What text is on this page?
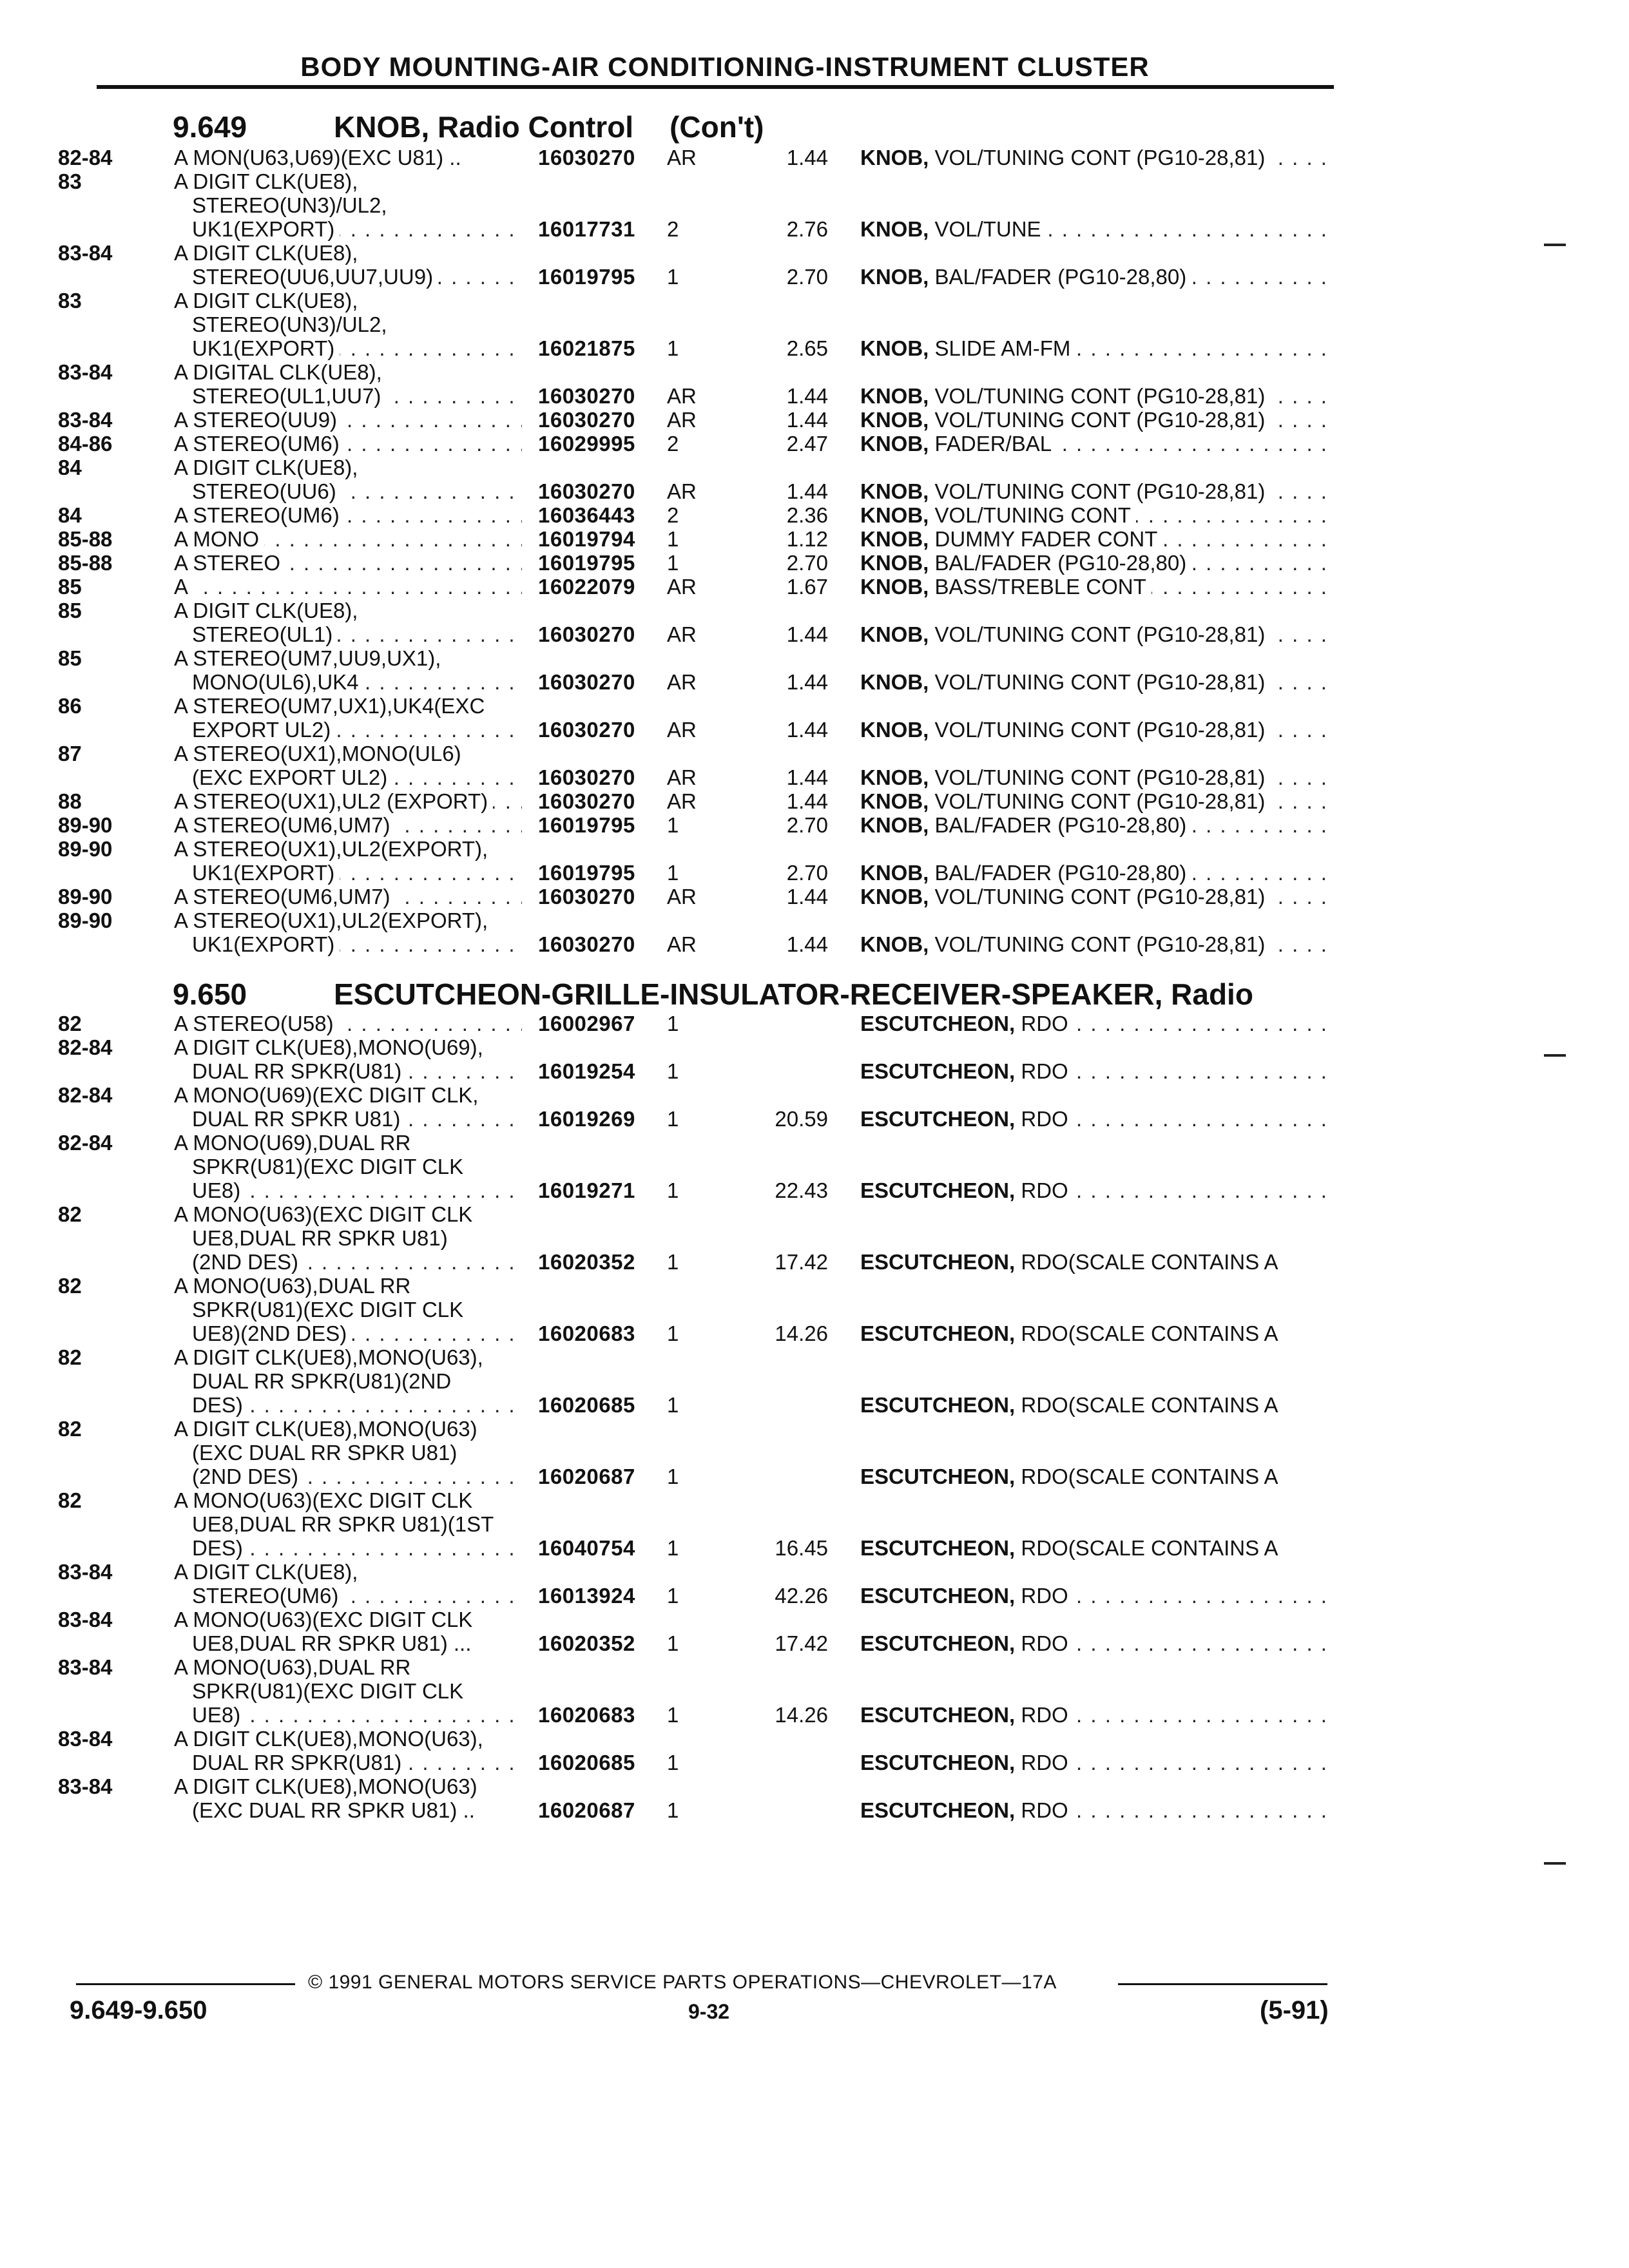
BODY MOUNTING-AIR CONDITIONING-INSTRUMENT CLUSTER
9.649	KNOB, Radio Control (Con't)
82-84	A MON(U63,U69)(EXC U81) ..	16030270 AR	1.44 KNOB, VOL/TUNING CONT (PG10-28,81) . . .
83	A DIGIT CLK(UE8),
STEREO(UN3)/UL2,
UK1(EXPORT) . . .	16017731 2	2.76 KNOB, VOL/TUNE . . .
83-84	A DIGIT CLK(UE8),
STEREO(UU6,UU7,UU9) . . .	16019795 1	2.70 KNOB, BAL/FADER (PG10-28,80) . . .
83	A DIGIT CLK(UE8),
STEREO(UN3)/UL2,
UK1(EXPORT) . . .	16021875 1	2.65 KNOB, SLIDE AM-FM . . .
83-84	A DIGITAL CLK(UE8),
STEREO(UL1,UU7) . . .	16030270 AR	1.44 KNOB, VOL/TUNING CONT (PG10-28,81) . . .
83-84	A STEREO(UU9) . . .	16030270 AR	1.44 KNOB, VOL/TUNING CONT (PG10-28,81) . . .
84-86	A STEREO(UM6) . . .	16029995 2	2.47 KNOB, FADER/BAL . . .
84	A DIGIT CLK(UE8),
STEREO(UU6) . . .	16030270 AR	1.44 KNOB, VOL/TUNING CONT (PG10-28,81) . . .
84	A STEREO(UM6) . . .	16036443 2	2.36 KNOB, VOL/TUNING CONT . . .
85-88	A MONO . . .	16019794 1	1.12 KNOB, DUMMY FADER CONT . . .
85-88	A STEREO . . .	16019795 1	2.70 KNOB, BAL/FADER (PG10-28,80) . . .
85	A . . .	16022079 AR	1.67 KNOB, BASS/TREBLE CONT . . .
85	A DIGIT CLK(UE8),
STEREO(UL1) . . .	16030270 AR	1.44 KNOB, VOL/TUNING CONT (PG10-28,81) . . .
85	A STEREO(UM7,UU9,UX1),
MONO(UL6),UK4 . . .	16030270 AR	1.44 KNOB, VOL/TUNING CONT (PG10-28,81) . . .
86	A STEREO(UM7,UX1),UK4(EXC
EXPORT UL2) . . .	16030270 AR	1.44 KNOB, VOL/TUNING CONT (PG10-28,81) . . .
87	A STEREO(UX1),MONO(UL6)
(EXC EXPORT UL2) . . .	16030270 AR	1.44 KNOB, VOL/TUNING CONT (PG10-28,81) . . .
88	A STEREO(UX1),UL2 (EXPORT) . . .	16030270 AR	1.44 KNOB, VOL/TUNING CONT (PG10-28,81) . . .
89-90	A STEREO(UM6,UM7) . . .	16019795 1	2.70 KNOB, BAL/FADER (PG10-28,80) . . .
89-90	A STEREO(UX1),UL2(EXPORT),
UK1(EXPORT) . . .	16019795 1	2.70 KNOB, BAL/FADER (PG10-28,80) . . .
89-90	A STEREO(UM6,UM7) . . .	16030270 AR	1.44 KNOB, VOL/TUNING CONT (PG10-28,81) . . .
89-90	A STEREO(UX1),UL2(EXPORT),
UK1(EXPORT) . . .	16030270 AR	1.44 KNOB, VOL/TUNING CONT (PG10-28,81) . . .
9.650	ESCUTCHEON-GRILLE-INSULATOR-RECEIVER-SPEAKER, Radio
82	A STEREO(U58) . . .	16002967 1	ESCUTCHEON, RDO . . .
82-84	A DIGIT CLK(UE8),MONO(U69),
DUAL RR SPKR(U81) . . .	16019254 1	ESCUTCHEON, RDO . . .
82-84	A MONO(U69)(EXC DIGIT CLK,
DUAL RR SPKR U81) . . .	16019269 1	20.59 ESCUTCHEON, RDO . . .
82-84	A MONO(U69),DUAL RR
SPKR(U81)(EXC DIGIT CLK
UE8) . . .	16019271 1	22.43 ESCUTCHEON, RDO . . .
82	A MONO(U63)(EXC DIGIT CLK
UE8,DUAL RR SPKR U81)
(2ND DES) . . .	16020352 1	17.42 ESCUTCHEON, RDO(SCALE CONTAINS A
82	A MONO(U63),DUAL RR
SPKR(U81)(EXC DIGIT CLK
UE8)(2ND DES) . . .	16020683 1	14.26 ESCUTCHEON, RDO(SCALE CONTAINS A
82	A DIGIT CLK(UE8),MONO(U63),
DUAL RR SPKR(U81)(2ND
DES) . . .	16020685 1	ESCUTCHEON, RDO(SCALE CONTAINS A
82	A DIGIT CLK(UE8),MONO(U63)
(EXC DUAL RR SPKR U81)
(2ND DES) . . .	16020687 1	ESCUTCHEON, RDO(SCALE CONTAINS A
82	A MONO(U63)(EXC DIGIT CLK
UE8,DUAL RR SPKR U81)(1ST
DES) . . .	16040754 1	16.45 ESCUTCHEON, RDO(SCALE CONTAINS A
83-84	A DIGIT CLK(UE8),
STEREO(UM6) . . .	16013924 1	42.26 ESCUTCHEON, RDO . . .
83-84	A MONO(U63)(EXC DIGIT CLK
UE8,DUAL RR SPKR U81) ...	16020352 1	17.42 ESCUTCHEON, RDO . . .
83-84	A MONO(U63),DUAL RR
SPKR(U81)(EXC DIGIT CLK
UE8) . . .	16020683 1	14.26 ESCUTCHEON, RDO . . .
83-84	A DIGIT CLK(UE8),MONO(U63),
DUAL RR SPKR(U81) . . .	16020685 1	ESCUTCHEON, RDO . . .
83-84	A DIGIT CLK(UE8),MONO(U63)
(EXC DUAL RR SPKR U81) ..	16020687 1	ESCUTCHEON, RDO . . .
© 1991 GENERAL MOTORS SERVICE PARTS OPERATIONS—CHEVROLET—17A
9.649-9.650	9-32	(5-91)
